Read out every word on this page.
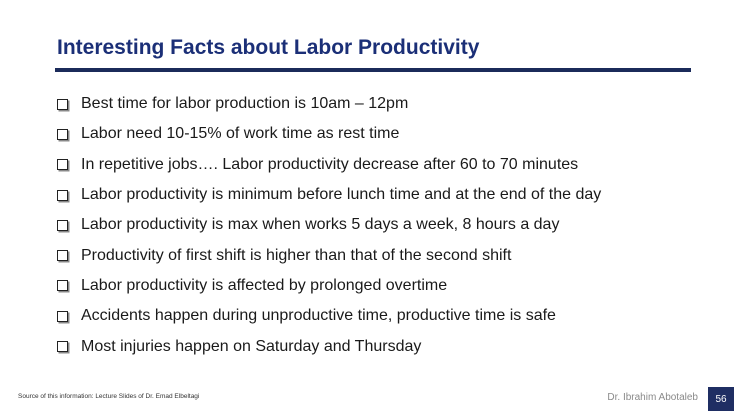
Interesting Facts about Labor Productivity
Best time for labor production is 10am – 12pm
Labor need 10-15% of work time as rest time
In repetitive jobs…. Labor productivity decrease after 60 to 70 minutes
Labor productivity is minimum before lunch time and at the end of the day
Labor productivity is max when works 5 days a week, 8 hours a day
Productivity of first shift is higher than that of the second shift
Labor productivity is affected by prolonged overtime
Accidents happen during unproductive time, productive time is safe
Most injuries happen on Saturday and Thursday
Source of this information: Lecture Slides of Dr. Emad Elbeltagi	Dr. Ibrahim Abotaleb	56
